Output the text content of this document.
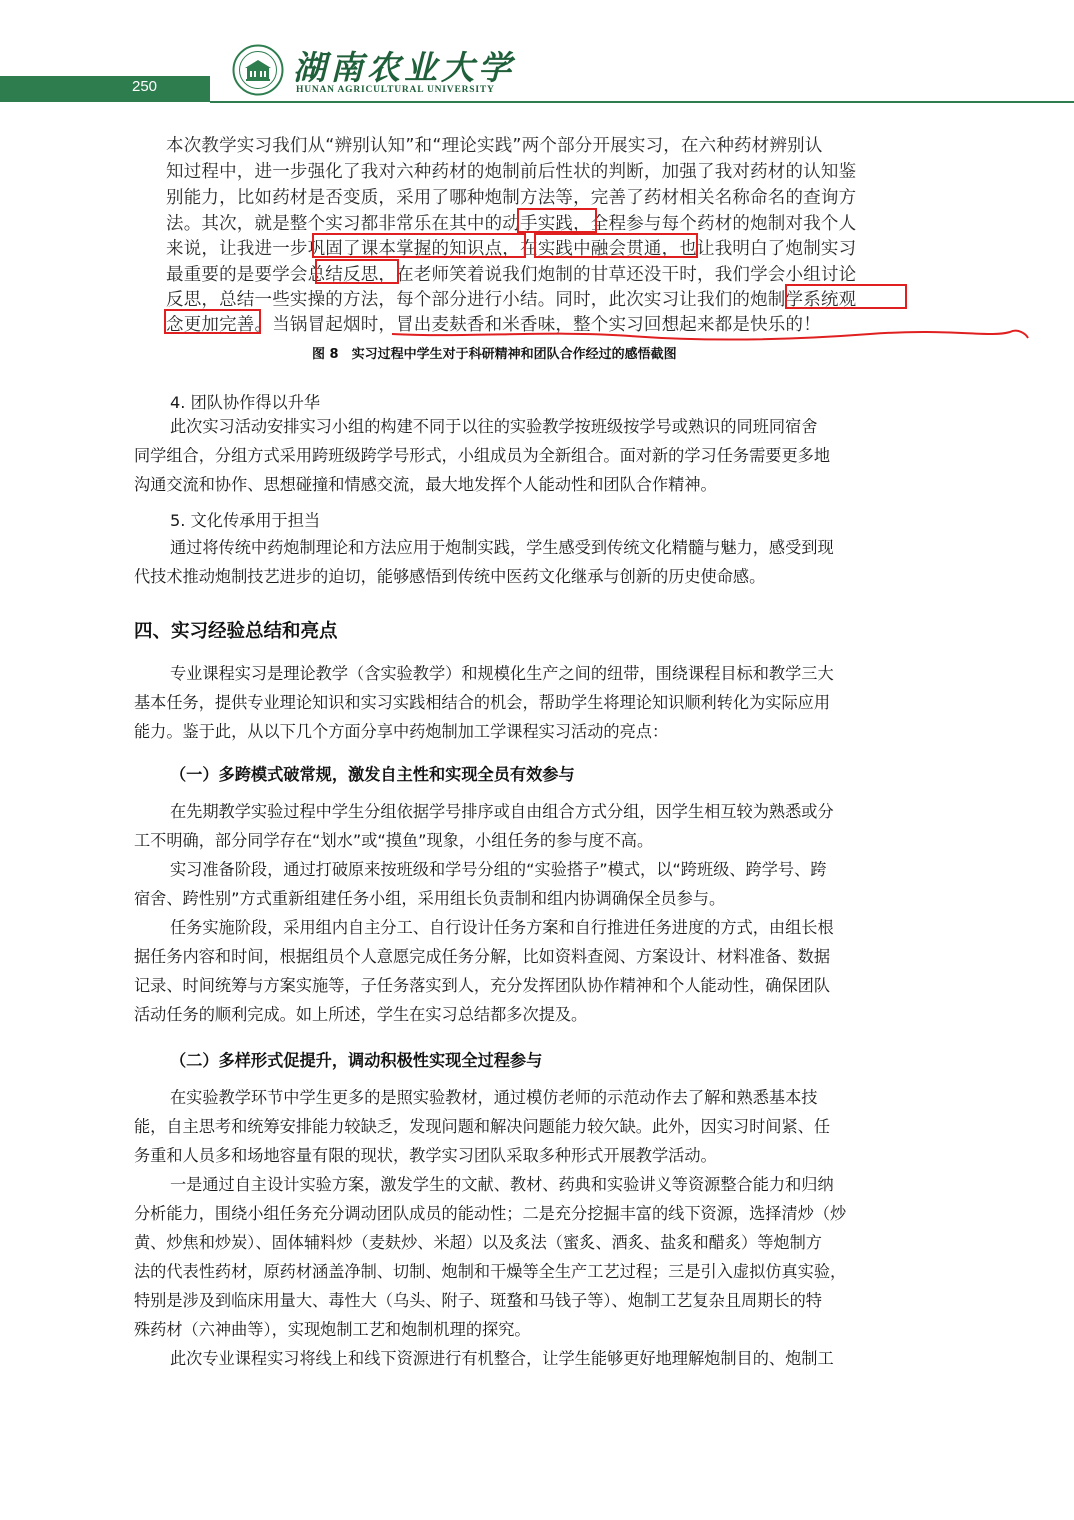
250	湖南农业大学
HUNAN AGRICULTURAL UNIVERSITY
本次教学实习我们从“辨别认知”和“理论实践”两个部分开展实习，在六种药材辨别认
知过程中，进一步强化了我对六种药材的炮制前后性状的判断，加强了我对药材的认知鉴
别能力，比如药材是否变质，采用了哪种炮制方法等，完善了药材相关名称命名的查询方
法。其次，就是整个实习都非常乐在其中的动手实践，全程参与每个药材的炮制对我个人
来说，让我进一步巩固了课本掌握的知识点，在实践中融会贯通，也让我明白了炮制实习
最重要的是要学会总结反思，在老师笑着说我们炮制的甘草还没干时，我们学会小组讨论
反思，总结一些实操的方法，每个部分进行小结。同时，此次实习让我们的炮制学系统观
念更加完善。当锅冒起烟时，冒出麦麸香和米香味，整个实习回想起来都是快乐的！
图 8　实习过程中学生对于科研精神和团队合作经过的感悟截图
4. 团队协作得以升华
此次实习活动安排实习小组的构建不同于以往的实验教学按班级按学号或熟识的同班同宿舍
同学组合，分组方式采用跨班级跨学号形式，小组成员为全新组合。面对新的学习任务需要更多地
沟通交流和协作、思想碰撞和情感交流，最大地发挥个人能动性和团队合作精神。
5. 文化传承用于担当
通过将传统中药炮制理论和方法应用于炮制实践，学生感受到传统文化精髓与魅力，感受到现
代技术推动炮制技艺进步的迫切，能够感悟到传统中医药文化继承与创新的历史使命感。
四、实习经验总结和亮点
专业课程实习是理论教学（含实验教学）和规模化生产之间的纽带，围绕课程目标和教学三大
基本任务，提供专业理论知识和实习实践相结合的机会，帮助学生将理论知识顺利转化为实际应用
能力。鉴于此，从以下几个方面分享中药炮制加工学课程实习活动的亮点：
（一）多跨模式破常规，激发自主性和实现全员有效参与
在先期教学实验过程中学生分组依据学号排序或自由组合方式分组，因学生相互较为熟悉或分
工不明确，部分同学存在“划水”或“摸鱼”现象，小组任务的参与度不高。
实习准备阶段，通过打破原来按班级和学号分组的“实验搭子”模式，以“跨班级、跨学号、跨
宿舍、跨性别”方式重新组建任务小组，采用组长负责制和组内协调确保全员参与。
任务实施阶段，采用组内自主分工、自行设计任务方案和自行推进任务进度的方式，由组长根
据任务内容和时间，根据组员个人意愿完成任务分解，比如资料查阅、方案设计、材料准备、数据
记录、时间统筹与方案实施等，子任务落实到人，充分发挥团队协作精神和个人能动性，确保团队
活动任务的顺利完成。如上所述，学生在实习总结都多次提及。
（二）多样形式促提升，调动积极性实现全过程参与
在实验教学环节中学生更多的是照实验教材，通过模仿老师的示范动作去了解和熟悉基本技
能，自主思考和统筹安排能力较缺乏，发现问题和解决问题能力较欠缺。此外，因实习时间紧、任
务重和人员多和场地容量有限的现状，教学实习团队采取多种形式开展教学活动。
一是通过自主设计实验方案，激发学生的文献、教材、药典和实验讲义等资源整合能力和归纳
分析能力，围绕小组任务充分调动团队成员的能动性；二是充分挖掘丰富的线下资源，选择清炒（炒
黄、炒焦和炒炭）、固体辅料炒（麦麸炒、米超）以及炙法（蜜炙、酒炙、盐炙和醋炙）等炮制方
法的代表性药材，原药材涵盖净制、切制、炮制和干燥等全生产工艺过程；三是引入虚拟仿真实验，
特别是涉及到临床用量大、毒性大（乌头、附子、斑蝥和马钱子等）、炮制工艺复杂且周期长的特
殊药材（六神曲等），实现炮制工艺和炮制机理的探究。
此次专业课程实习将线上和线下资源进行有机整合，让学生能够更好地理解炮制目的、炮制工
